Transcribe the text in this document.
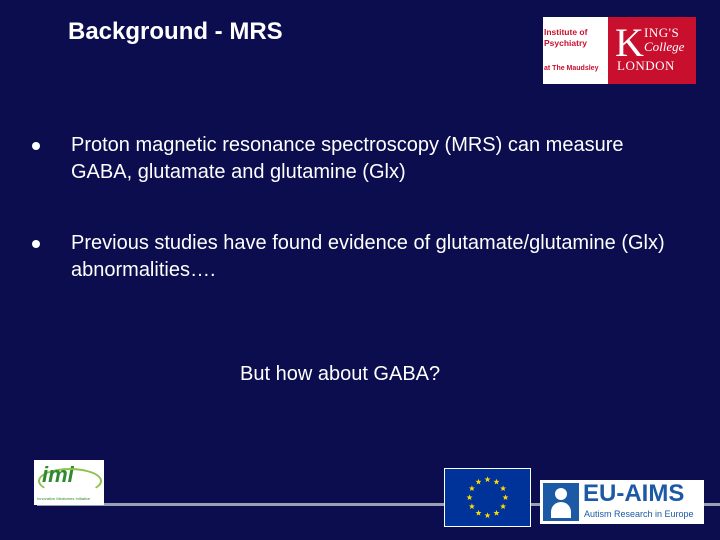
Background - MRS	Institute of
Psychiatry
at The Maudsley
K ING'S
College
LONDON
Proton magnetic resonance spectroscopy (MRS) can measure GABA, glutamate and glutamine (Glx)
Previous studies have found evidence of glutamate/glutamine (Glx) abnormalities….
But how about GABA?
imi
Innovative Medicines Initiative	EU-AIMS
Autism Research in Europe
